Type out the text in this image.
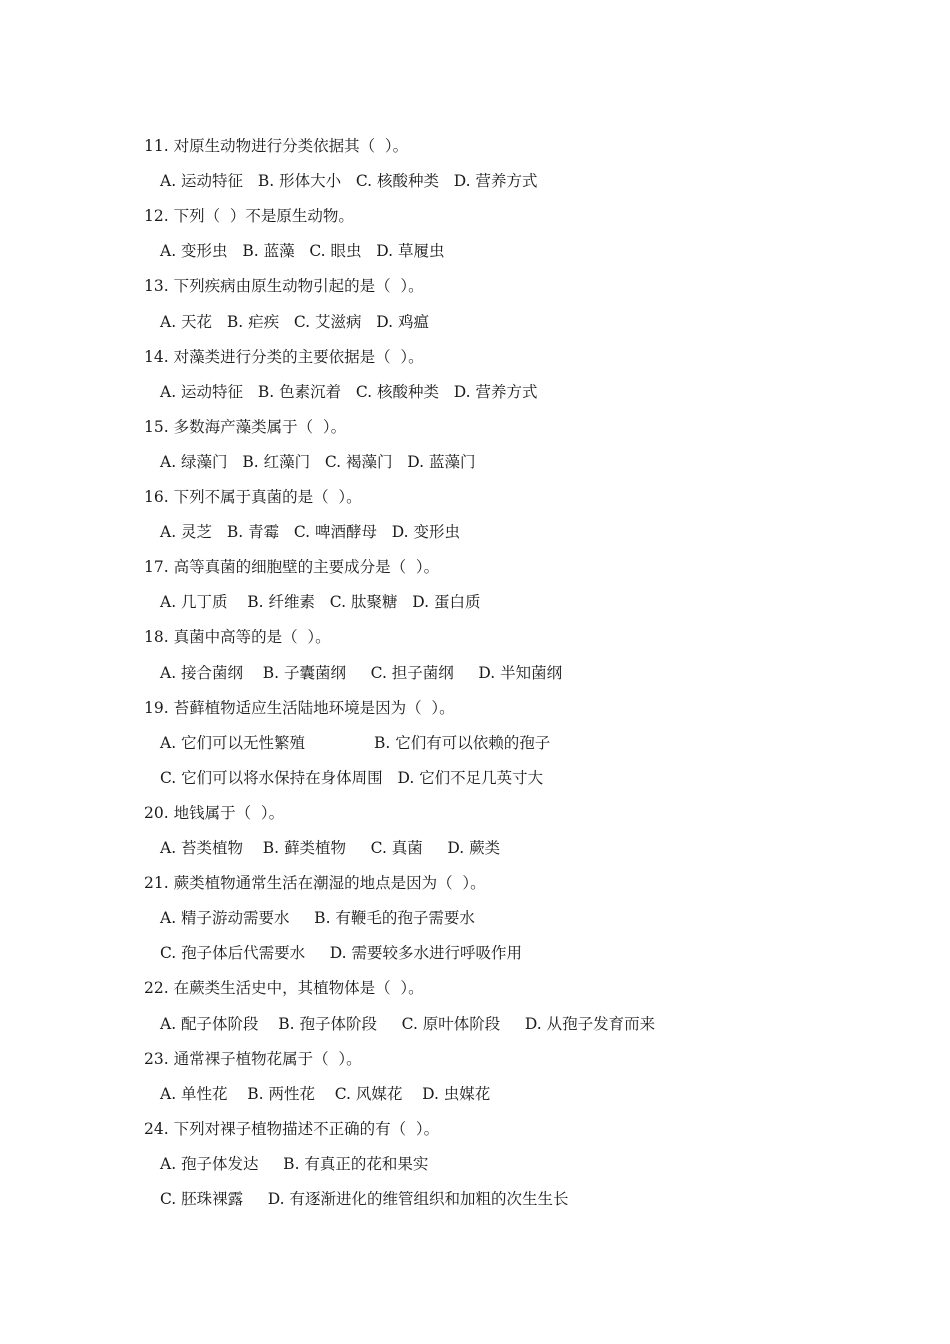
11. 对原生动物进行分类依据其（  ）。
A. 运动特征   B. 形体大小   C. 核酸种类   D. 营养方式
12. 下列（  ）不是原生动物。
A. 变形虫   B. 蓝藻   C. 眼虫   D. 草履虫
13. 下列疾病由原生动物引起的是（  ）。
A. 天花   B. 疟疾   C. 艾滋病   D. 鸡瘟
14. 对藻类进行分类的主要依据是（  ）。
A. 运动特征   B. 色素沉着   C. 核酸种类   D. 营养方式
15. 多数海产藻类属于（  ）。
A. 绿藻门   B. 红藻门   C. 褐藻门   D. 蓝藻门
16. 下列不属于真菌的是（  ）。
A. 灵芝   B. 青霉   C. 啤酒酵母   D. 变形虫
17. 高等真菌的细胞壁的主要成分是（  ）。
A. 几丁质    B. 纤维素   C. 肽聚糖   D. 蛋白质
18. 真菌中高等的是（  ）。
A. 接合菌纲    B. 子囊菌纲     C. 担子菌纲     D. 半知菌纲
19. 苔藓植物适应生活陆地环境是因为（  ）。
A. 它们可以无性繁殖              B. 它们有可以依赖的孢子
C. 它们可以将水保持在身体周围   D. 它们不足几英寸大
20. 地钱属于（  ）。
A. 苔类植物    B. 藓类植物     C. 真菌     D. 蕨类
21. 蕨类植物通常生活在潮湿的地点是因为（  ）。
A. 精子游动需要水     B. 有鞭毛的孢子需要水
C. 孢子体后代需要水     D. 需要较多水进行呼吸作用
22. 在蕨类生活史中，其植物体是（  ）。
A. 配子体阶段    B. 孢子体阶段     C. 原叶体阶段     D. 从孢子发育而来
23. 通常裸子植物花属于（  ）。
A. 单性花    B. 两性花    C. 风媒花    D. 虫媒花
24. 下列对裸子植物描述不正确的有（  ）。
A. 孢子体发达     B. 有真正的花和果实
C. 胚珠裸露     D. 有逐渐进化的维管组织和加粗的次生生长
